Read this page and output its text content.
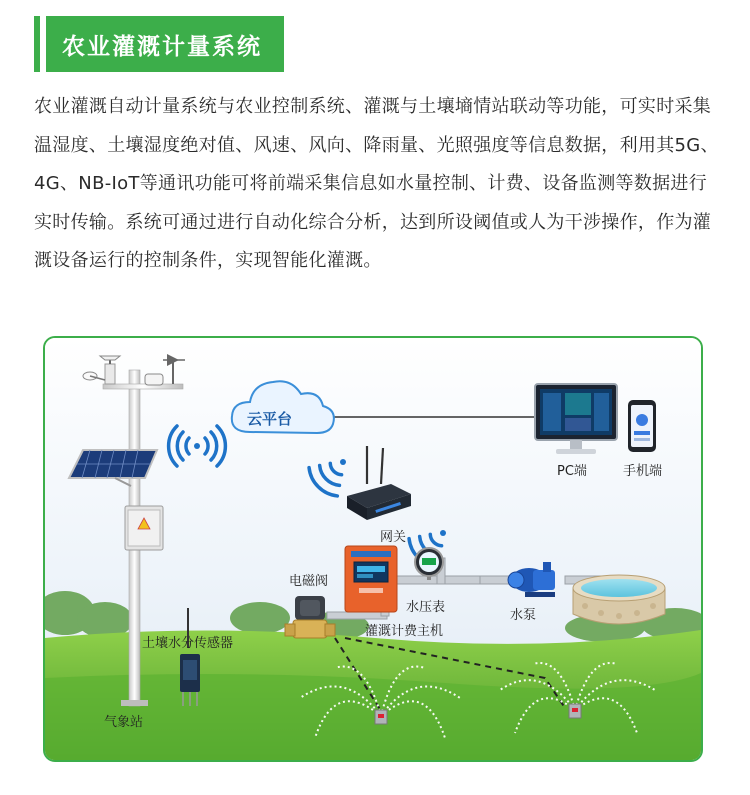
农业灌溉计量系统
农业灌溉自动计量系统与农业控制系统、灌溉与土壤墒情站联动等功能，可实时采集温湿度、土壤湿度绝对值、风速、风向、降雨量、光照强度等信息数据，利用其5G、4G、NB-IoT等通讯功能可将前端采集信息如水量控制、计费、设备监测等数据进行实时传输。系统可通过进行自动化综合分析，达到所设阈值或人为干涉操作，作为灌溉设备运行的控制条件，实现智能化灌溉。
云平台
PC端	手机端
网关
电磁阀
水压表
水泵
灌溉计费主机
土壤水分传感器
气象站
